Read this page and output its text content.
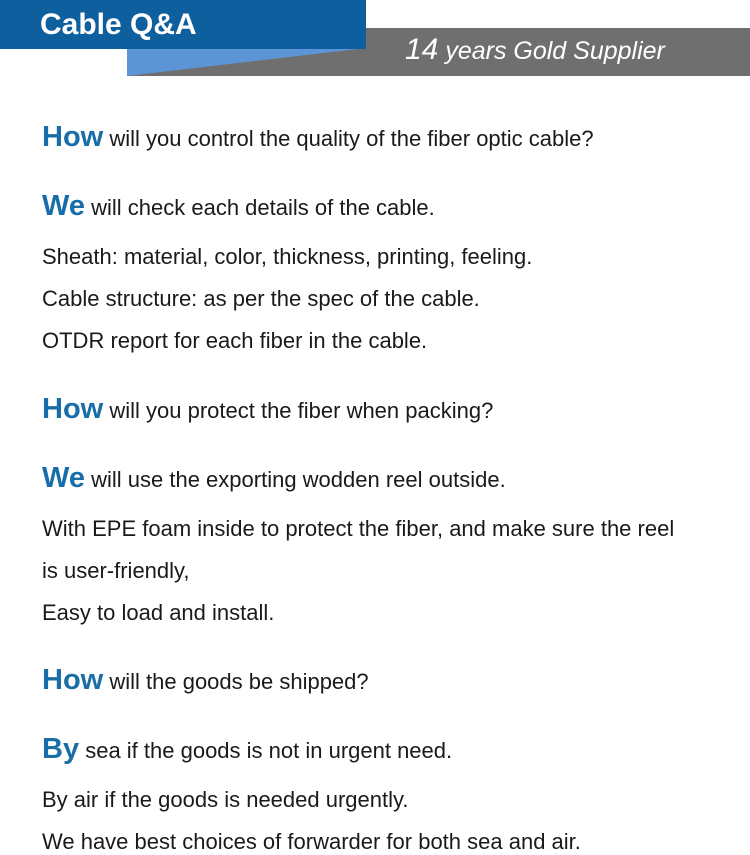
Cable Q&A
14 years Gold Supplier
How will you control the quality of the fiber optic cable?
We will check each details of the cable.
Sheath: material, color, thickness, printing, feeling.
Cable structure: as per the spec of the cable.
OTDR report for each fiber in the cable.
How will you protect the fiber when packing?
We will use the exporting wodden reel outside.
With EPE foam inside to protect the fiber, and make sure the reel
is user-friendly,
Easy to load and install.
How will the goods be shipped?
By sea if the goods is not in urgent need.
By air if the goods is needed urgently.
We have best choices of forwarder for both sea and air.
